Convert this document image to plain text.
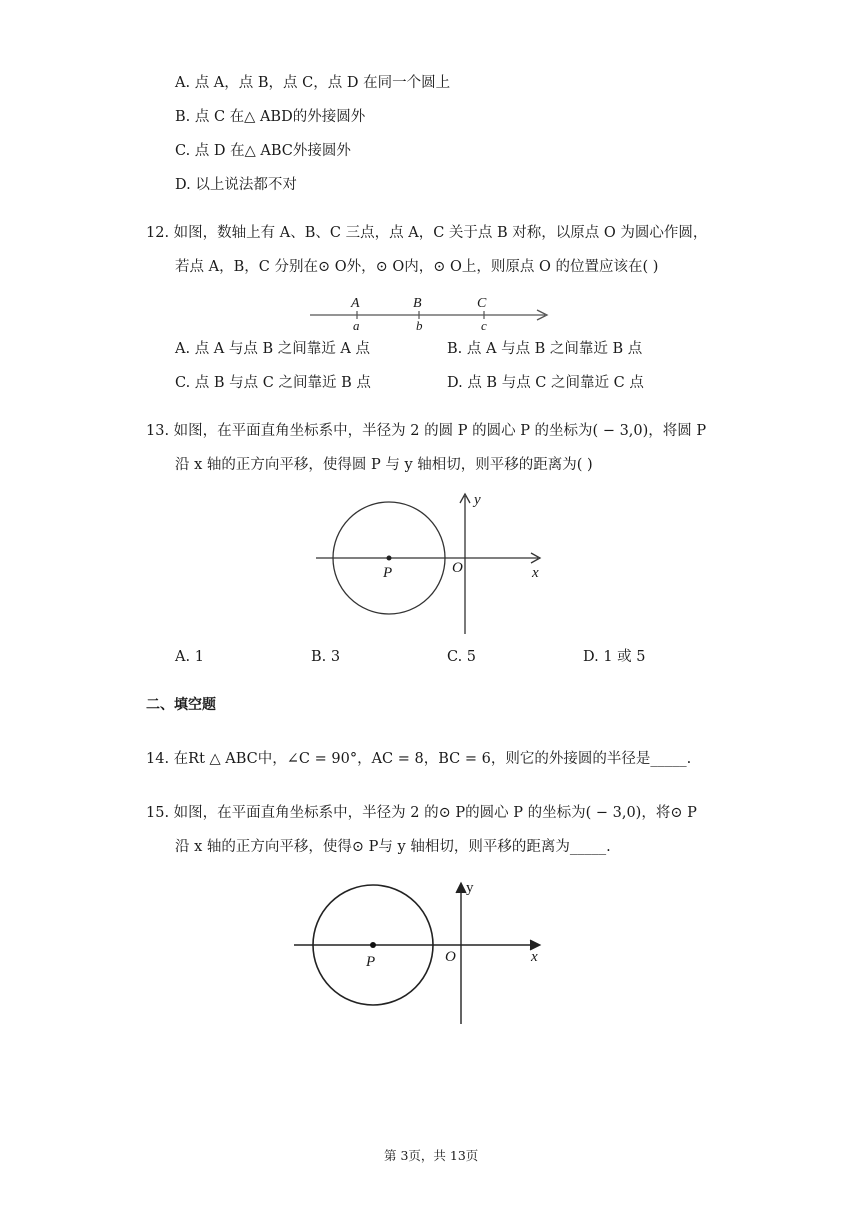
A. 点 A，点 B，点 C，点 D 在同一个圆上
B. 点 C 在△ ABD的外接圆外
C. 点 D 在△ ABC外接圆外
D. 以上说法都不对
12. 如图，数轴上有 A、B、C 三点，点 A，C 关于点 B 对称，以原点 O 为圆心作圆，
若点 A，B，C 分别在⊙ O外，⊙ O内，⊙ O上，则原点 O 的位置应该在( )
A	B	C
a	b	c
A. 点 A 与点 B 之间靠近 A 点	B. 点 A 与点 B 之间靠近 B 点
C. 点 B 与点 C 之间靠近 B 点	D. 点 B 与点 C 之间靠近 C 点
13. 如图，在平面直角坐标系中，半径为 2 的圆 P 的圆心 P 的坐标为( − 3,0)，将圆 P
沿 x 轴的正方向平移，使得圆 P 与 y 轴相切，则平移的距离为( )
P	O	x
y
A. 1	B. 3	C. 5	D. 1 或 5
二、填空题
14. 在Rt △ ABC中，∠C = 90°，AC = 8，BC = 6，则它的外接圆的半径是_____.
15. 如图，在平面直角坐标系中，半径为 2 的⊙ P的圆心 P 的坐标为( − 3,0)，将⊙ P
沿 x 轴的正方向平移，使得⊙ P与 y 轴相切，则平移的距离为_____.
P	O	x
y
第 3页，共 13页
